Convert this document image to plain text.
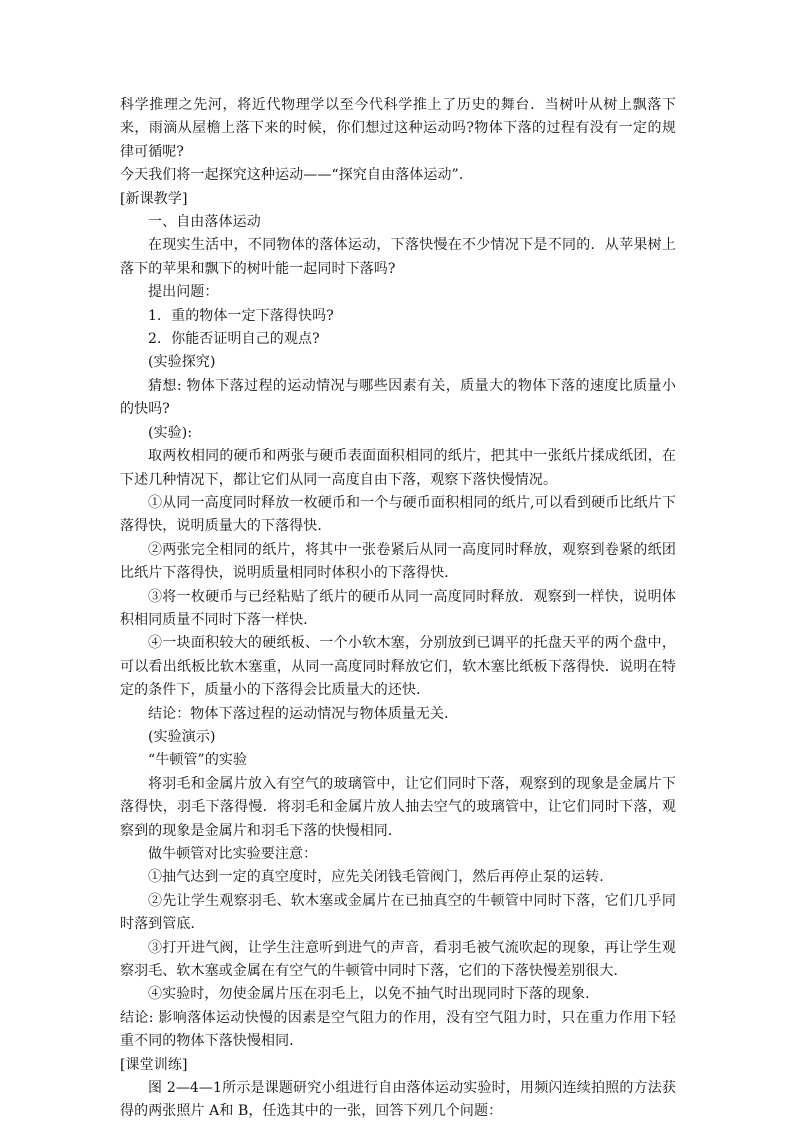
科学推理之先河，将近代物理学以至今代科学推上了历史的舞台．当树叶从树上飘落下来，雨滴从屋檐上落下来的时候，你们想过这种运动吗?物体下落的过程有没有一定的规律可循呢?

今天我们将一起探究这种运动——“探究自由落体运动”.

[新课教学]

一、自由落体运动

在现实生活中，不同物体的落体运动，下落快慢在不少情况下是不同的．从苹果树上落下的苹果和飘下的树叶能一起同时下落吗?

提出问题：

1．重的物体一定下落得快吗?

2．你能否证明自己的观点?

(实验探究)

猜想: 物体下落过程的运动情况与哪些因素有关，质量大的物体下落的速度比质量小的快吗?

(实验):

取两枚相同的硬币和两张与硬币表面面积相同的纸片，把其中一张纸片揉成纸团，在下述几种情况下，都让它们从同一高度自由下落，观察下落快慢情况。

①从同一高度同时释放一枚硬币和一个与硬币面积相同的纸片,可以看到硬币比纸片下落得快，说明质量大的下落得快．

②两张完全相同的纸片，将其中一张卷紧后从同一高度同时释放，观察到卷紧的纸团比纸片下落得快，说明质量相同时体积小的下落得快．

③将一枚硬币与已经粘贴了纸片的硬币从同一高度同时释放．观察到一样快，说明体积相同质量不同时下落一样快．

④一块面积较大的硬纸板、一个小软木塞，分别放到已调平的托盘天平的两个盘中，可以看出纸板比软木塞重，从同一高度同时释放它们，软木塞比纸板下落得快．说明在特定的条件下，质量小的下落得会比质量大的还快．

结论：物体下落过程的运动情况与物体质量无关．

(实验演示)

“牛顿管”的实验

将羽毛和金属片放入有空气的玻璃管中，让它们同时下落，观察到的现象是金属片下落得快，羽毛下落得慢．将羽毛和金属片放人抽去空气的玻璃管中，让它们同时下落，观察到的现象是金属片和羽毛下落的快慢相同．

做牛顿管对比实验要注意：

①抽气达到一定的真空度时，应先关闭钱毛管阀门，然后再停止泵的运转.

②先让学生观察羽毛、软木塞或金属片在已抽真空的牛顿管中同时下落，它们几乎同时落到管底．

③打开进气阀，让学生注意听到进气的声音，看羽毛被气流吹起的现象，再让学生观察羽毛、软木塞或金属在有空气的牛顿管中同时下落，它们的下落快慢差别很大．

④实验时，勿使金属片压在羽毛上，以免不抽气时出现同时下落的现象.

结论: 影响落体运动快慢的因素是空气阻力的作用，没有空气阻力时，只在重力作用下轻重不同的物体下落快慢相同．

[课堂训练]

图 2—4—1所示是课题研究小组进行自由落体运动实验时，用频闪连续拍照的方法获得的两张照片 A和 B，任选其中的一张，回答下列几个问题：
